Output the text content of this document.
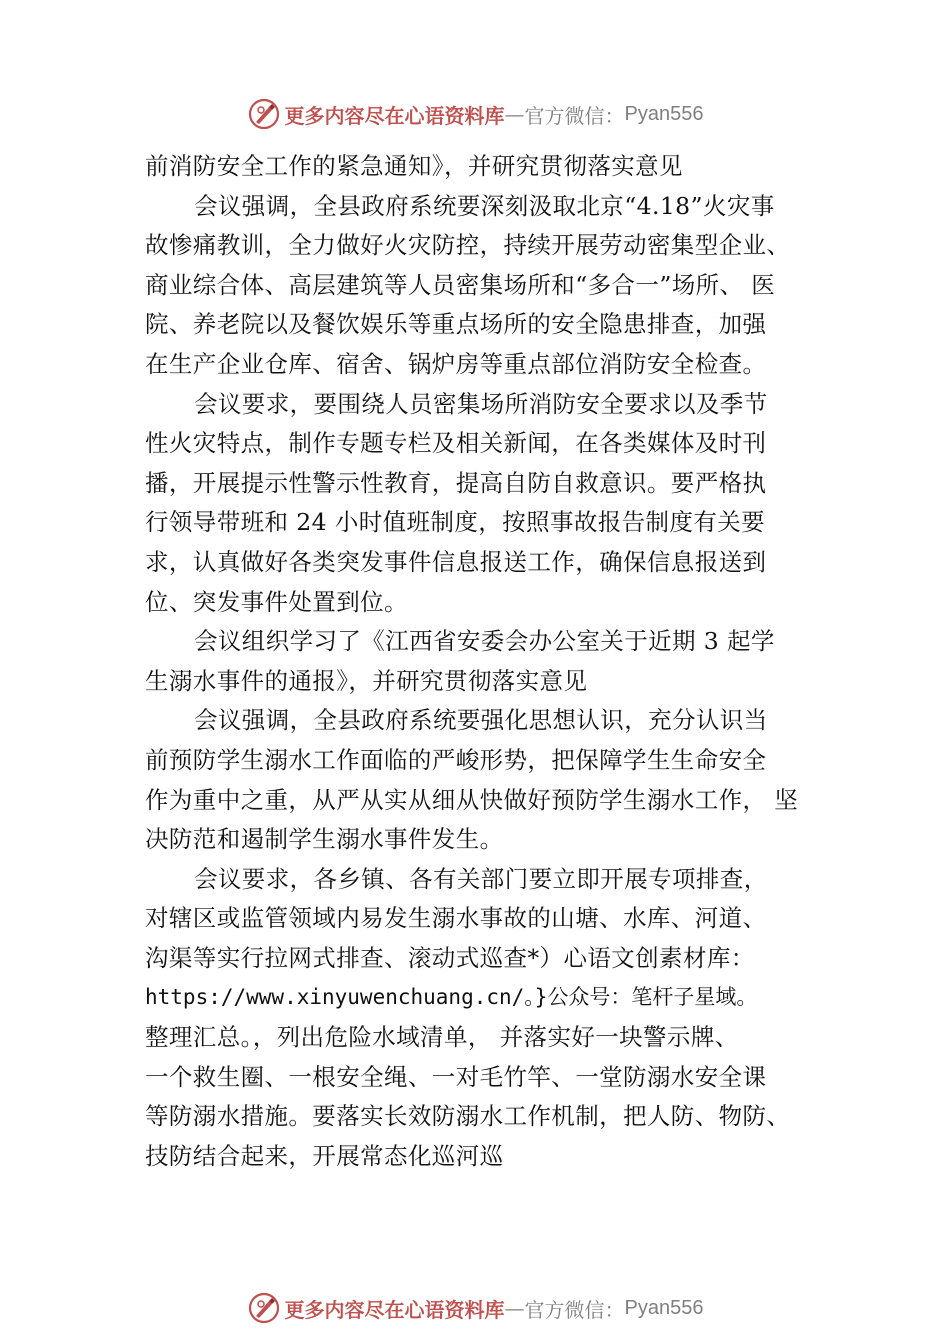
更多内容尽在心语资料库 — 官方微信： Pyan556
前消防安全工作的紧急通知》，并研究贯彻落实意见
会议强调，全县政府系统要深刻汲取北京“4.18”火灾事
故惨痛教训，全力做好火灾防控，持续开展劳动密集型企业、
商业综合体、高层建筑等人员密集场所和“多合一”场所、 医
院、养老院以及餐饮娱乐等重点场所的安全隐患排查，加强
在生产企业仓库、宿舍、锅炉房等重点部位消防安全检查。
会议要求，要围绕人员密集场所消防安全要求以及季节
性火灾特点，制作专题专栏及相关新闻，在各类媒体及时刊
播，开展提示性警示性教育，提高自防自救意识。要严格执
行领导带班和 24 小时值班制度，按照事故报告制度有关要
求，认真做好各类突发事件信息报送工作，确保信息报送到
位、突发事件处置到位。
会议组织学习了《江西省安委会办公室关于近期 3 起学
生溺水事件的通报》，并研究贯彻落实意见
会议强调，全县政府系统要强化思想认识，充分认识当
前预防学生溺水工作面临的严峻形势，把保障学生生命安全
作为重中之重，从严从实从细从快做好预防学生溺水工作， 坚
决防范和遏制学生溺水事件发生。
会议要求，各乡镇、各有关部门要立即开展专项排查，
对辖区或监管领域内易发生溺水事故的山塘、水库、河道、
沟渠等实行拉网式排查、滚动式巡查*）心语文创素材库：
https://www.xinyuwenchuang.cn/。}公众号：笔杆子星域。
整理汇总。，列出危险水域清单， 并落实好一块警示牌、
一个救生圈、一根安全绳、一对毛竹竿、一堂防溺水安全课
等防溺水措施。要落实长效防溺水工作机制，把人防、物防、
技防结合起来，开展常态化巡河巡
更多内容尽在心语资料库 — 官方微信： Pyan556
